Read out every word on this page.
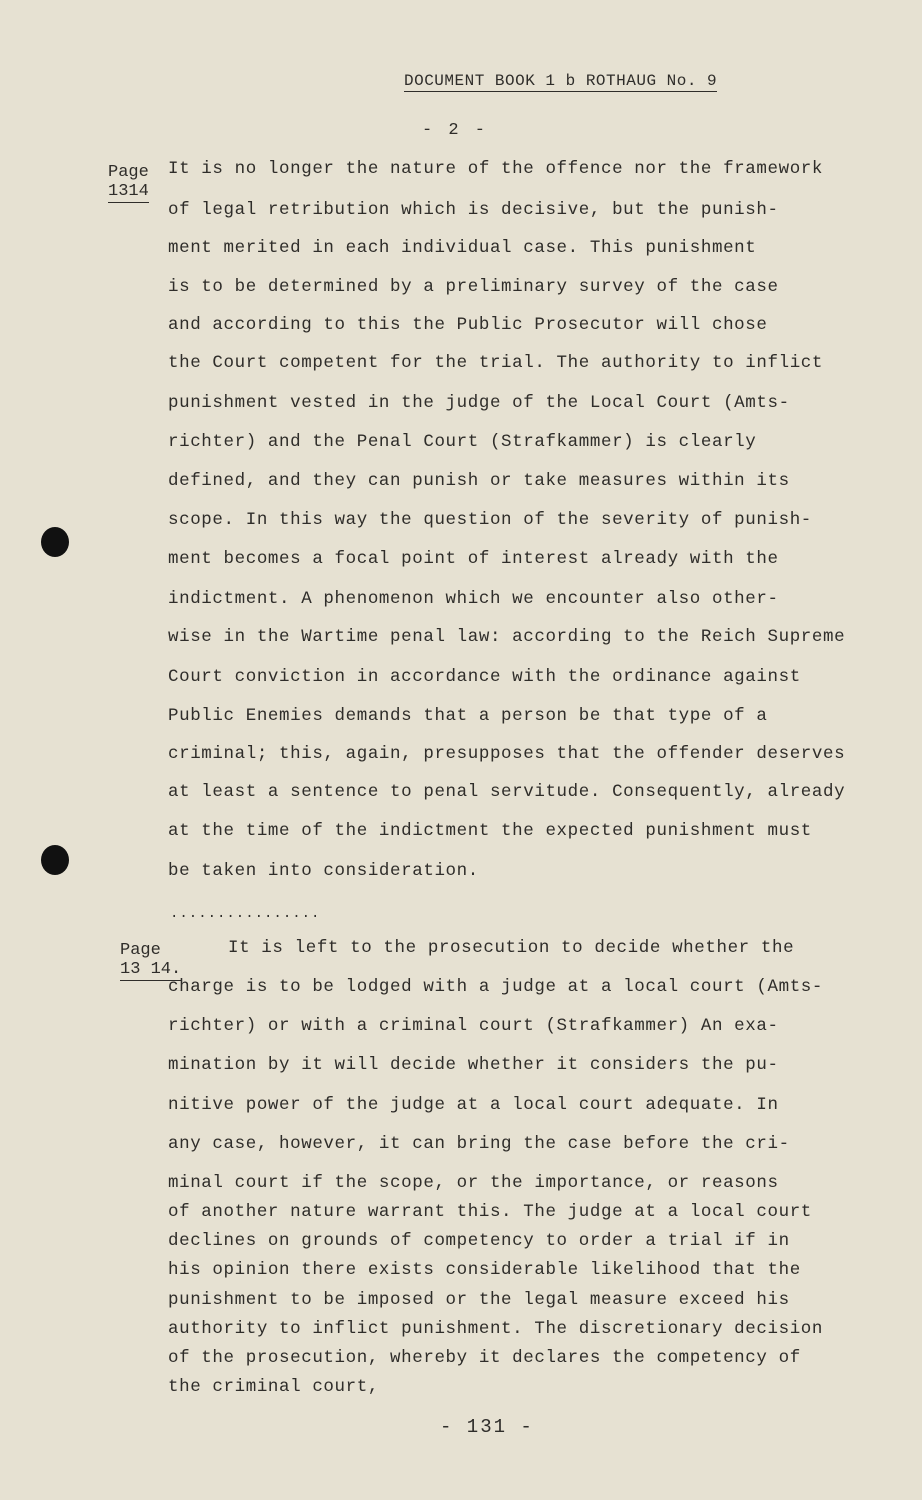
DOCUMENT BOOK 1 b ROTHAUG No. 9
- 2 -
Page
1314
It is no longer the nature of the offence nor the framework
of legal retribution which is decisive, but the punish-
ment merited in each individual case. This punishment
is to be determined by a preliminary survey of the case
and according to this the Public Prosecutor will chose
the Court competent for the trial. The authority to inflict
punishment vested in the judge of the Local Court (Amts-
richter) and the Penal Court (Strafkammer) is clearly
defined, and they can punish or take measures within its
scope. In this way the question of the severity of punish-
ment becomes a focal point of interest already with the
indictment. A phenomenon which we encounter also other-
wise in the Wartime penal law: according to the Reich Supreme
Court conviction in accordance with the ordinance against
Public Enemies demands that a person be that type of a
criminal; this, again, presupposes that the offender deserves
at least a sentence to penal servitude. Consequently, already
at the time of the indictment the expected punishment must
be taken into consideration.
................
Page
13 14.
It is left to the prosecution to decide whether the
charge is to be lodged with a judge at a local court (Amts-
richter) or with a criminal court (Strafkammer) An exa-
mination by it will decide whether it considers the pu-
nitive power of the judge at a local court adequate. In
any case, however, it can bring the case before the cri-
minal court if the scope, or the importance, or reasons
of another nature warrant this. The judge at a local court
declines on grounds of competency to order a trial if in
his opinion there exists considerable likelihood that the
punishment to be imposed or the legal measure exceed his
authority to inflict punishment. The discretionary decision
of the prosecution, whereby it declares the competency of
the criminal court,
- 131 -
